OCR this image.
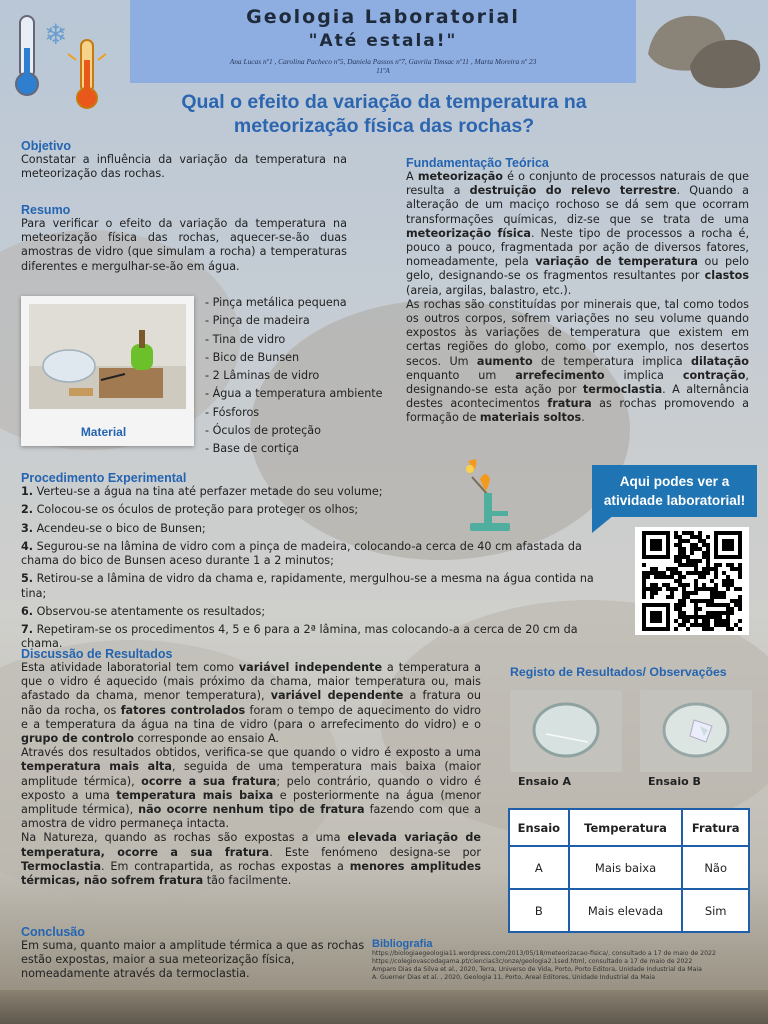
❄
Geologia Laboratorial
"Até estala!"
Ana Lucas nº1 , Carolina Pacheco nº5, Daniela Passos nº7, Gavriia Timsac nº11 , Marta Moreira nº 23
11ºA
Qual o efeito da variação da temperatura na
meteorização física das rochas?
Objetivo

Constatar a influência da variação da temperatura na meteorização das rochas.

Resumo

Para verificar o efeito da variação da temperatura na meteorização física das rochas, aquecer-se-ão duas amostras de vidro (que simulam a rocha) a temperaturas diferentes e mergulhar-se-ão em água.

Material
- Pinça metálica pequena
- Pinça de madeira
- Tina de vidro
- Bico de Bunsen
- 2 Lâminas de vidro
- Água a temperatura ambiente
- Fósforos
- Óculos de proteção
- Base de cortiça
Fundamentação Teórica

A meteorização é o conjunto de processos naturais de que resulta a destruição do relevo terrestre. Quando a alteração de um maciço rochoso se dá sem que ocorram transformações químicas, diz-se que se trata de uma meteorização física. Neste tipo de processos a rocha é, pouco a pouco, fragmentada por ação de diversos fatores, nomeadamente, pela variação de temperatura ou pelo gelo, designando-se os fragmentos resultantes por clastos (areia, argilas, balastro, etc.).

As rochas são constituídas por minerais que, tal como todos os outros corpos, sofrem variações no seu volume quando expostos às variações de temperatura que existem em certas regiões do globo, como por exemplo, nos desertos secos. Um aumento de temperatura implica dilatação enquanto um arrefecimento implica contração, designando-se esta ação por termoclastia. A alternância destes acontecimentos fratura as rochas promovendo a formação de materiais soltos.

Procedimento Experimental

1. Verteu-se a água na tina até perfazer metade do seu volume;

2. Colocou-se os óculos de proteção para proteger os olhos;

3. Acendeu-se o bico de Bunsen;

4. Segurou-se na lâmina de vidro com a pinça de madeira, colocando-a cerca de 40 cm afastada da chama do bico de Bunsen aceso durante 1 a 2 minutos;

5. Retirou-se a lâmina de vidro da chama e, rapidamente, mergulhou-se a mesma na água contida na tina;

6. Observou-se atentamente os resultados;

7. Repetiram-se os procedimentos 4, 5 e 6 para a 2ª lâmina, mas colocando-a a cerca de 20 cm da chama.

Aqui podes ver a atividade laboratorial!
Discussão de Resultados

Esta atividade laboratorial tem como variável independente a temperatura a que o vidro é aquecido (mais próximo da chama, maior temperatura ou, mais afastado da chama, menor temperatura), variável dependente a fratura ou não da rocha, os fatores controlados foram o tempo de aquecimento do vidro e a temperatura da água na tina de vidro (para o arrefecimento do vidro) e o grupo de controlo corresponde ao ensaio A.

Através dos resultados obtidos, verifica-se que quando o vidro é exposto a uma temperatura mais alta, seguida de uma temperatura mais baixa (maior amplitude térmica), ocorre a sua fratura; pelo contrário, quando o vidro é exposto a uma temperatura mais baixa e posteriormente na água (menor amplitude térmica), não ocorre nenhum tipo de fratura fazendo com que a amostra de vidro permaneça intacta.

Na Natureza, quando as rochas são expostas a uma elevada variação de temperatura, ocorre a sua fratura. Este fenómeno designa-se por Termoclastia. Em contrapartida, as rochas expostas a menores amplitudes térmicas, não sofrem fratura tão facilmente.

Registo de Resultados/ Observações
Ensaio A	Ensaio B
Ensaio	Temperatura	Fratura
A	Mais baixa	Não
B	Mais elevada	Sim
Conclusão

Em suma, quanto maior a amplitude térmica a que as rochas estão expostas, maior a sua meteorização física, nomeadamente através da termoclastia.

Bibliografia

https://biologiaegeologia11.wordpress.com/2013/05/18/meteorizacao-fisica/, consultado a 17 de maio de 2022

https://colegiovascodagama.pt/ciencias3c/onze/geologia2.1sed.html, consultado a 17 de maio de 2022

Amparo Dias da Silva et al., 2020, Terra, Universo de Vida, Porto, Porto Editora, Unidade Industrial da Maia

A. Guerner Dias et al. , 2020, Geologia 11, Porto, Areal Editores, Unidade Industrial da Maia
